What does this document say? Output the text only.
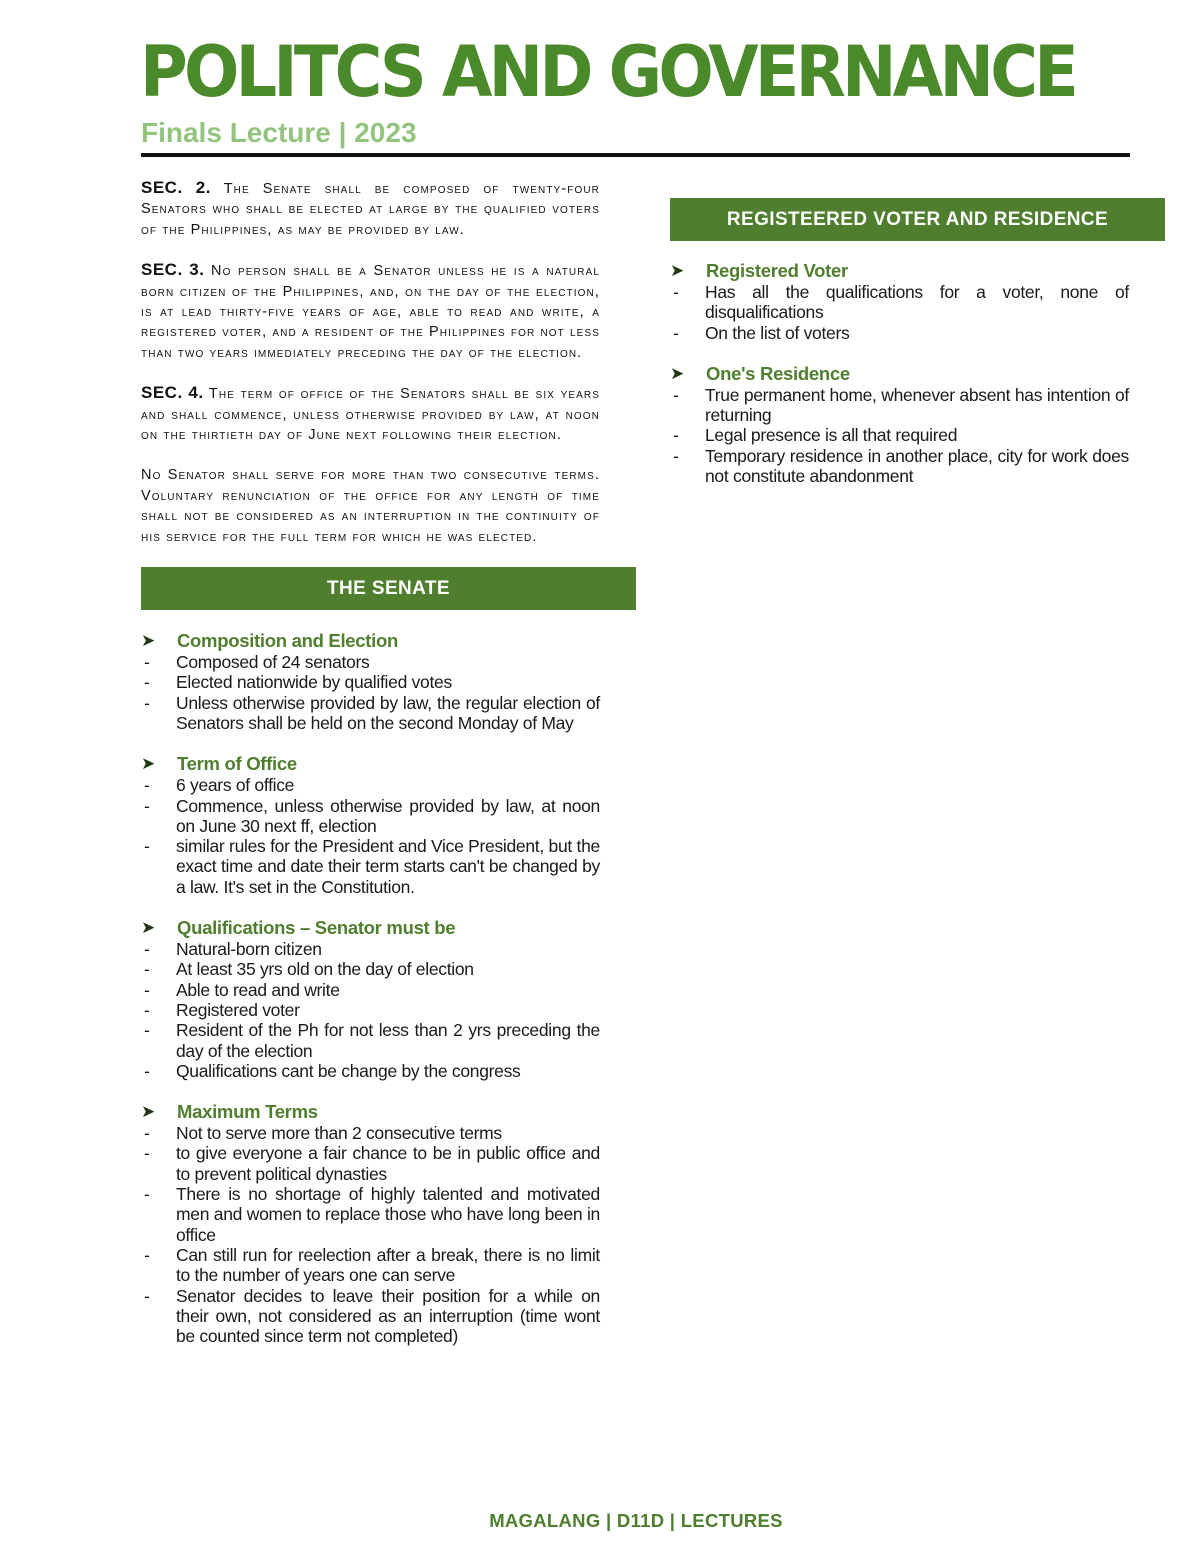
POLITCS AND GOVERNANCE
Finals Lecture | 2023

SEC. 2. The Senate shall be composed of twenty-four Senators who shall be elected at large by the qualified voters of the Philippines, as may be provided by law.

SEC. 3. No person shall be a Senator unless he is a natural born citizen of the Philippines, and, on the day of the election, is at lead thirty-five years of age, able to read and write, a registered voter, and a resident of the Philippines for not less than two years immediately preceding the day of the election.

SEC. 4. The term of office of the Senators shall be six years and shall commence, unless otherwise provided by law, at noon on the thirtieth day of June next following their election.

No Senator shall serve for more than two consecutive terms. Voluntary renunciation of the office for any length of time shall not be considered as an interruption in the continuity of his service for the full term for which he was elected.

THE SENATE
➤	Composition and Election
-	Composed of 24 senators
-	Elected nationwide by qualified votes
-	Unless otherwise provided by law, the regular election of Senators shall be held on the second Monday of May
➤	Term of Office
-	6 years of office
-	Commence, unless otherwise provided by law, at noon on June 30 next ff, election
-	similar rules for the President and Vice President, but the exact time and date their term starts can't be changed by a law. It's set in the Constitution.
➤	Qualifications – Senator must be
-	Natural-born citizen
-	At least 35 yrs old on the day of election
-	Able to read and write
-	Registered voter
-	Resident of the Ph for not less than 2 yrs preceding the day of the election
-	Qualifications cant be change by the congress
➤	Maximum Terms
-	Not to serve more than 2 consecutive terms
-	to give everyone a fair chance to be in public office and to prevent political dynasties
-	There is no shortage of highly talented and motivated men and women to replace those who have long been in office
-	Can still run for reelection after a break, there is no limit to the number of years one can serve
-	Senator decides to leave their position for a while on their own, not considered as an interruption (time wont be counted since term not completed)
REGISTEERED VOTER AND RESIDENCE
➤	Registered Voter
-	Has all the qualifications for a voter, none of disqualifications
-	On the list of voters
➤	One's Residence
-	True permanent home, whenever absent has intention of returning
-	Legal presence is all that required
-	Temporary residence in another place, city for work does not constitute abandonment
MAGALANG | D11D | LECTURES
